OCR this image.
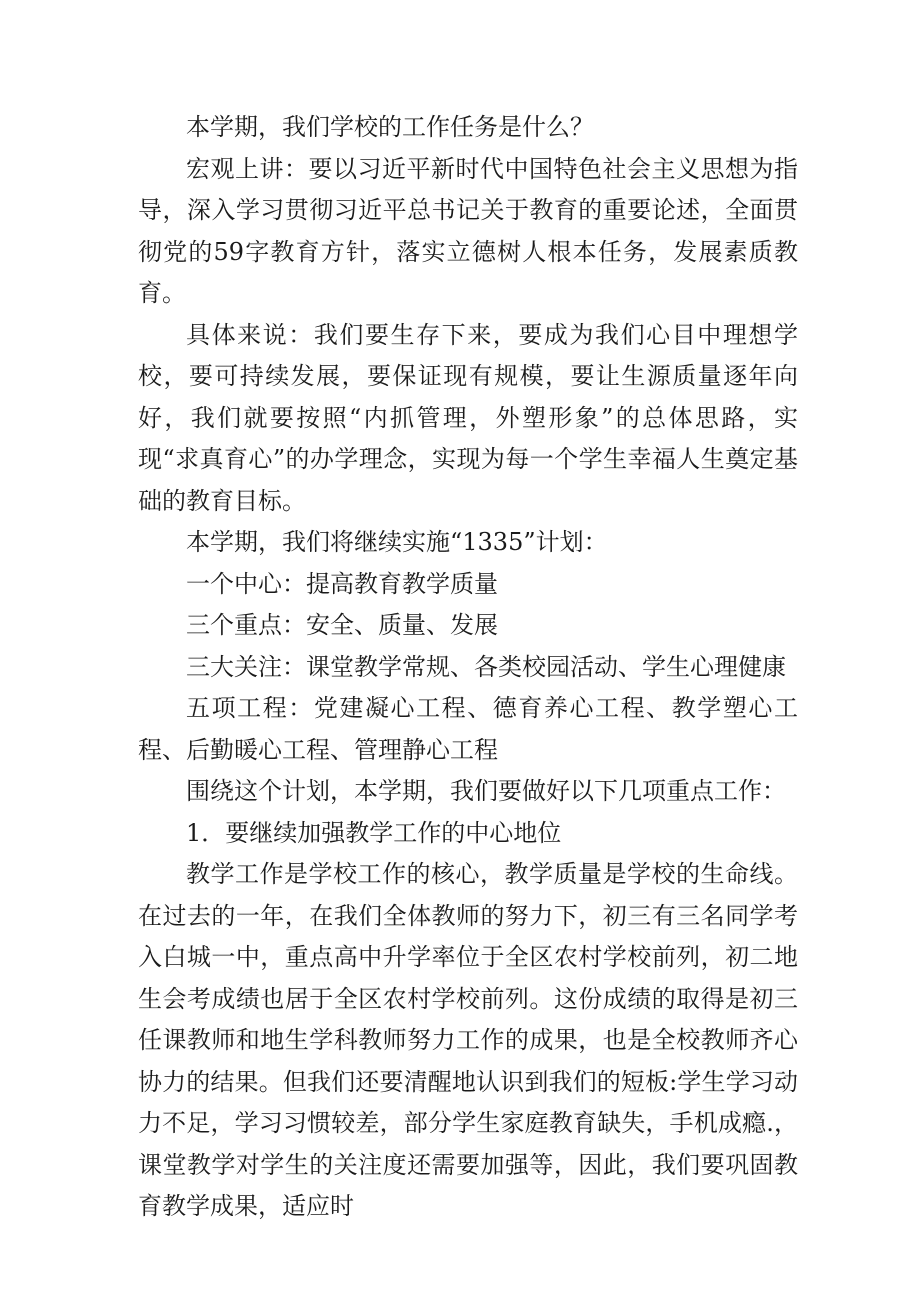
本学期，我们学校的工作任务是什么？

宏观上讲：要以习近平新时代中国特色社会主义思想为指导，深入学习贯彻习近平总书记关于教育的重要论述，全面贯彻党的59字教育方针，落实立德树人根本任务，发展素质教育。

具体来说：我们要生存下来，要成为我们心目中理想学校，要可持续发展，要保证现有规模，要让生源质量逐年向好，我们就要按照“内抓管理，外塑形象”的总体思路，实现“求真育心”的办学理念，实现为每一个学生幸福人生奠定基础的教育目标。

本学期，我们将继续实施“1335”计划：

一个中心：提高教育教学质量

三个重点：安全、质量、发展

三大关注：课堂教学常规、各类校园活动、学生心理健康

五项工程：党建凝心工程、德育养心工程、教学塑心工程、后勤暖心工程、管理静心工程

围绕这个计划，本学期，我们要做好以下几项重点工作：

1．要继续加强教学工作的中心地位

教学工作是学校工作的核心，教学质量是学校的生命线。在过去的一年，在我们全体教师的努力下，初三有三名同学考入白城一中，重点高中升学率位于全区农村学校前列，初二地生会考成绩也居于全区农村学校前列。这份成绩的取得是初三任课教师和地生学科教师努力工作的成果，也是全校教师齐心协力的结果。但我们还要清醒地认识到我们的短板:学生学习动力不足，学习习惯较差，部分学生家庭教育缺失，手机成瘾.，课堂教学对学生的关注度还需要加强等，因此，我们要巩固教育教学成果，适应时
